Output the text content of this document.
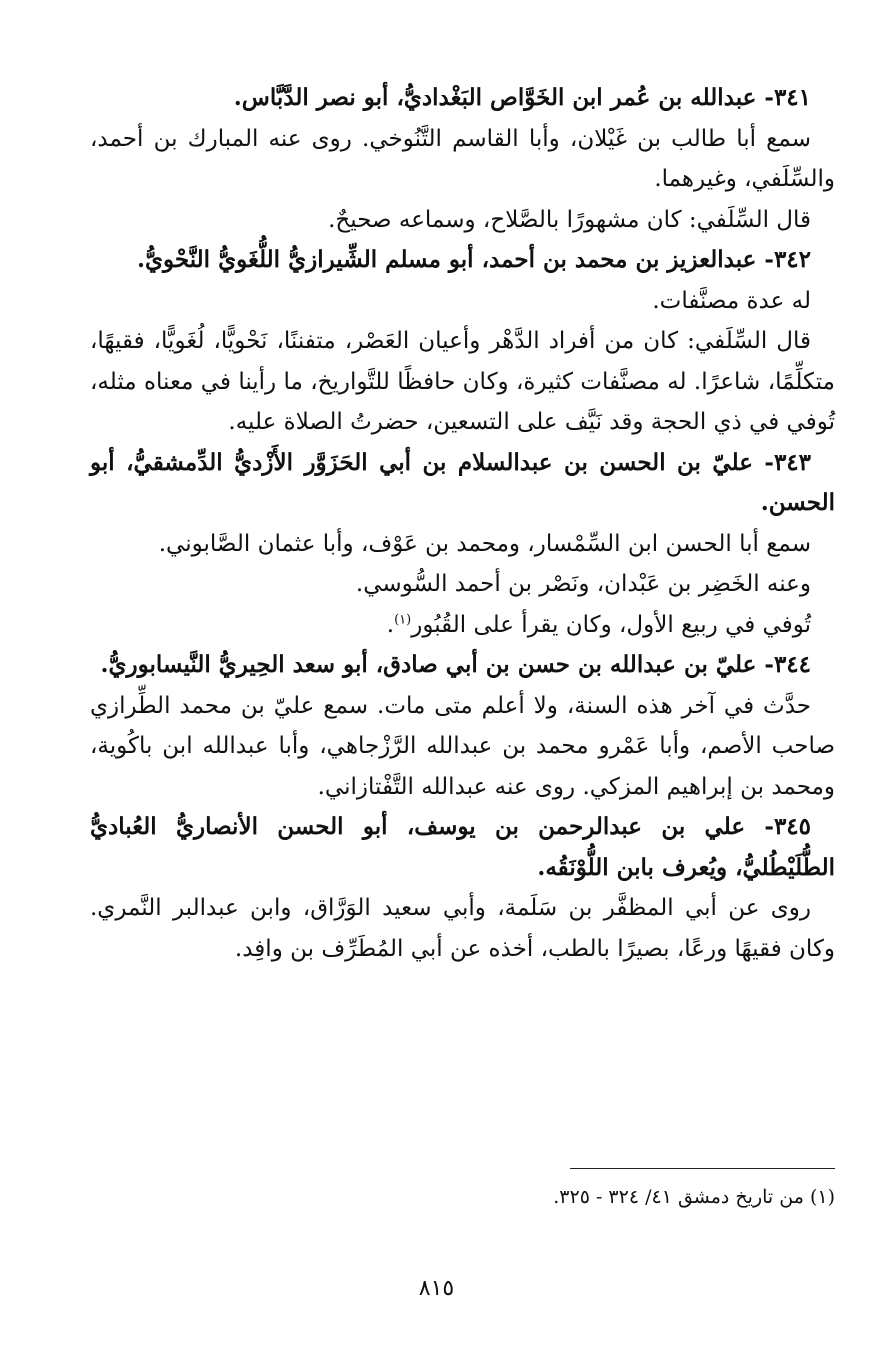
٣٤١- عبدالله بن عُمر ابن الخَوَّاص البَغْداديُّ، أبو نصر الدَّبَّاس.

سمع أبا طالب بن غَيْلان، وأبا القاسم التَّنُوخي. روى عنه المبارك بن أحمد، والسِّلَفي، وغيرهما.

قال السِّلَفي: كان مشهورًا بالصَّلاح، وسماعه صحيحٌ.

٣٤٢- عبدالعزيز بن محمد بن أحمد، أبو مسلم الشِّيرازيُّ اللُّغَويُّ النَّحْويُّ.

له عدة مصنَّفات.

قال السِّلَفي: كان من أفراد الدَّهْر وأعيان العَصْر، متفننًا، نَحْويًّا، لُغَويًّا، فقيهًا، متكلِّمًا، شاعرًا. له مصنَّفات كثيرة، وكان حافظًا للتَّواريخ، ما رأينا في معناه مثله، تُوفي في ذي الحجة وقد نَيَّف على التسعين، حضرتُ الصلاة عليه.

٣٤٣- عليّ بن الحسن بن عبدالسلام بن أبي الحَزَوَّر الأَزْديُّ الدِّمشقيُّ، أبو الحسن.

سمع أبا الحسن ابن السِّمْسار، ومحمد بن عَوْف، وأبا عثمان الصَّابوني.

وعنه الخَضِر بن عَبْدان، ونَصْر بن أحمد السُّوسي.

تُوفي في ربيع الأول، وكان يقرأ على القُبُور$^{(١)}$.

٣٤٤- عليّ بن عبدالله بن حسن بن أبي صادق، أبو سعد الحِيريُّ النَّيسابوريُّ.

حدَّث في آخر هذه السنة، ولا أعلم متى مات. سمع عليّ بن محمد الطِّرازي صاحب الأصم، وأبا عَمْرو محمد بن عبدالله الرَّزْجاهي، وأبا عبدالله ابن باكُوية، ومحمد بن إبراهيم المزكي. روى عنه عبدالله التَّفْتازاني.

٣٤٥- علي بن عبدالرحمن بن يوسف، أبو الحسن الأنصاريُّ العُباديُّ الطُّلَيْطُليُّ، ويُعرف بابن اللُّوْنَقُه.

روى عن أبي المظفَّر بن سَلَمة، وأبي سعيد الوَرَّاق، وابن عبدالبر النَّمري. وكان فقيهًا ورعًا، بصيرًا بالطب، أخذه عن أبي المُطَرِّف بن وافِد.

(١) من تاريخ دمشق ٤١/ ٣٢٤ - ٣٢٥.

٨١٥
